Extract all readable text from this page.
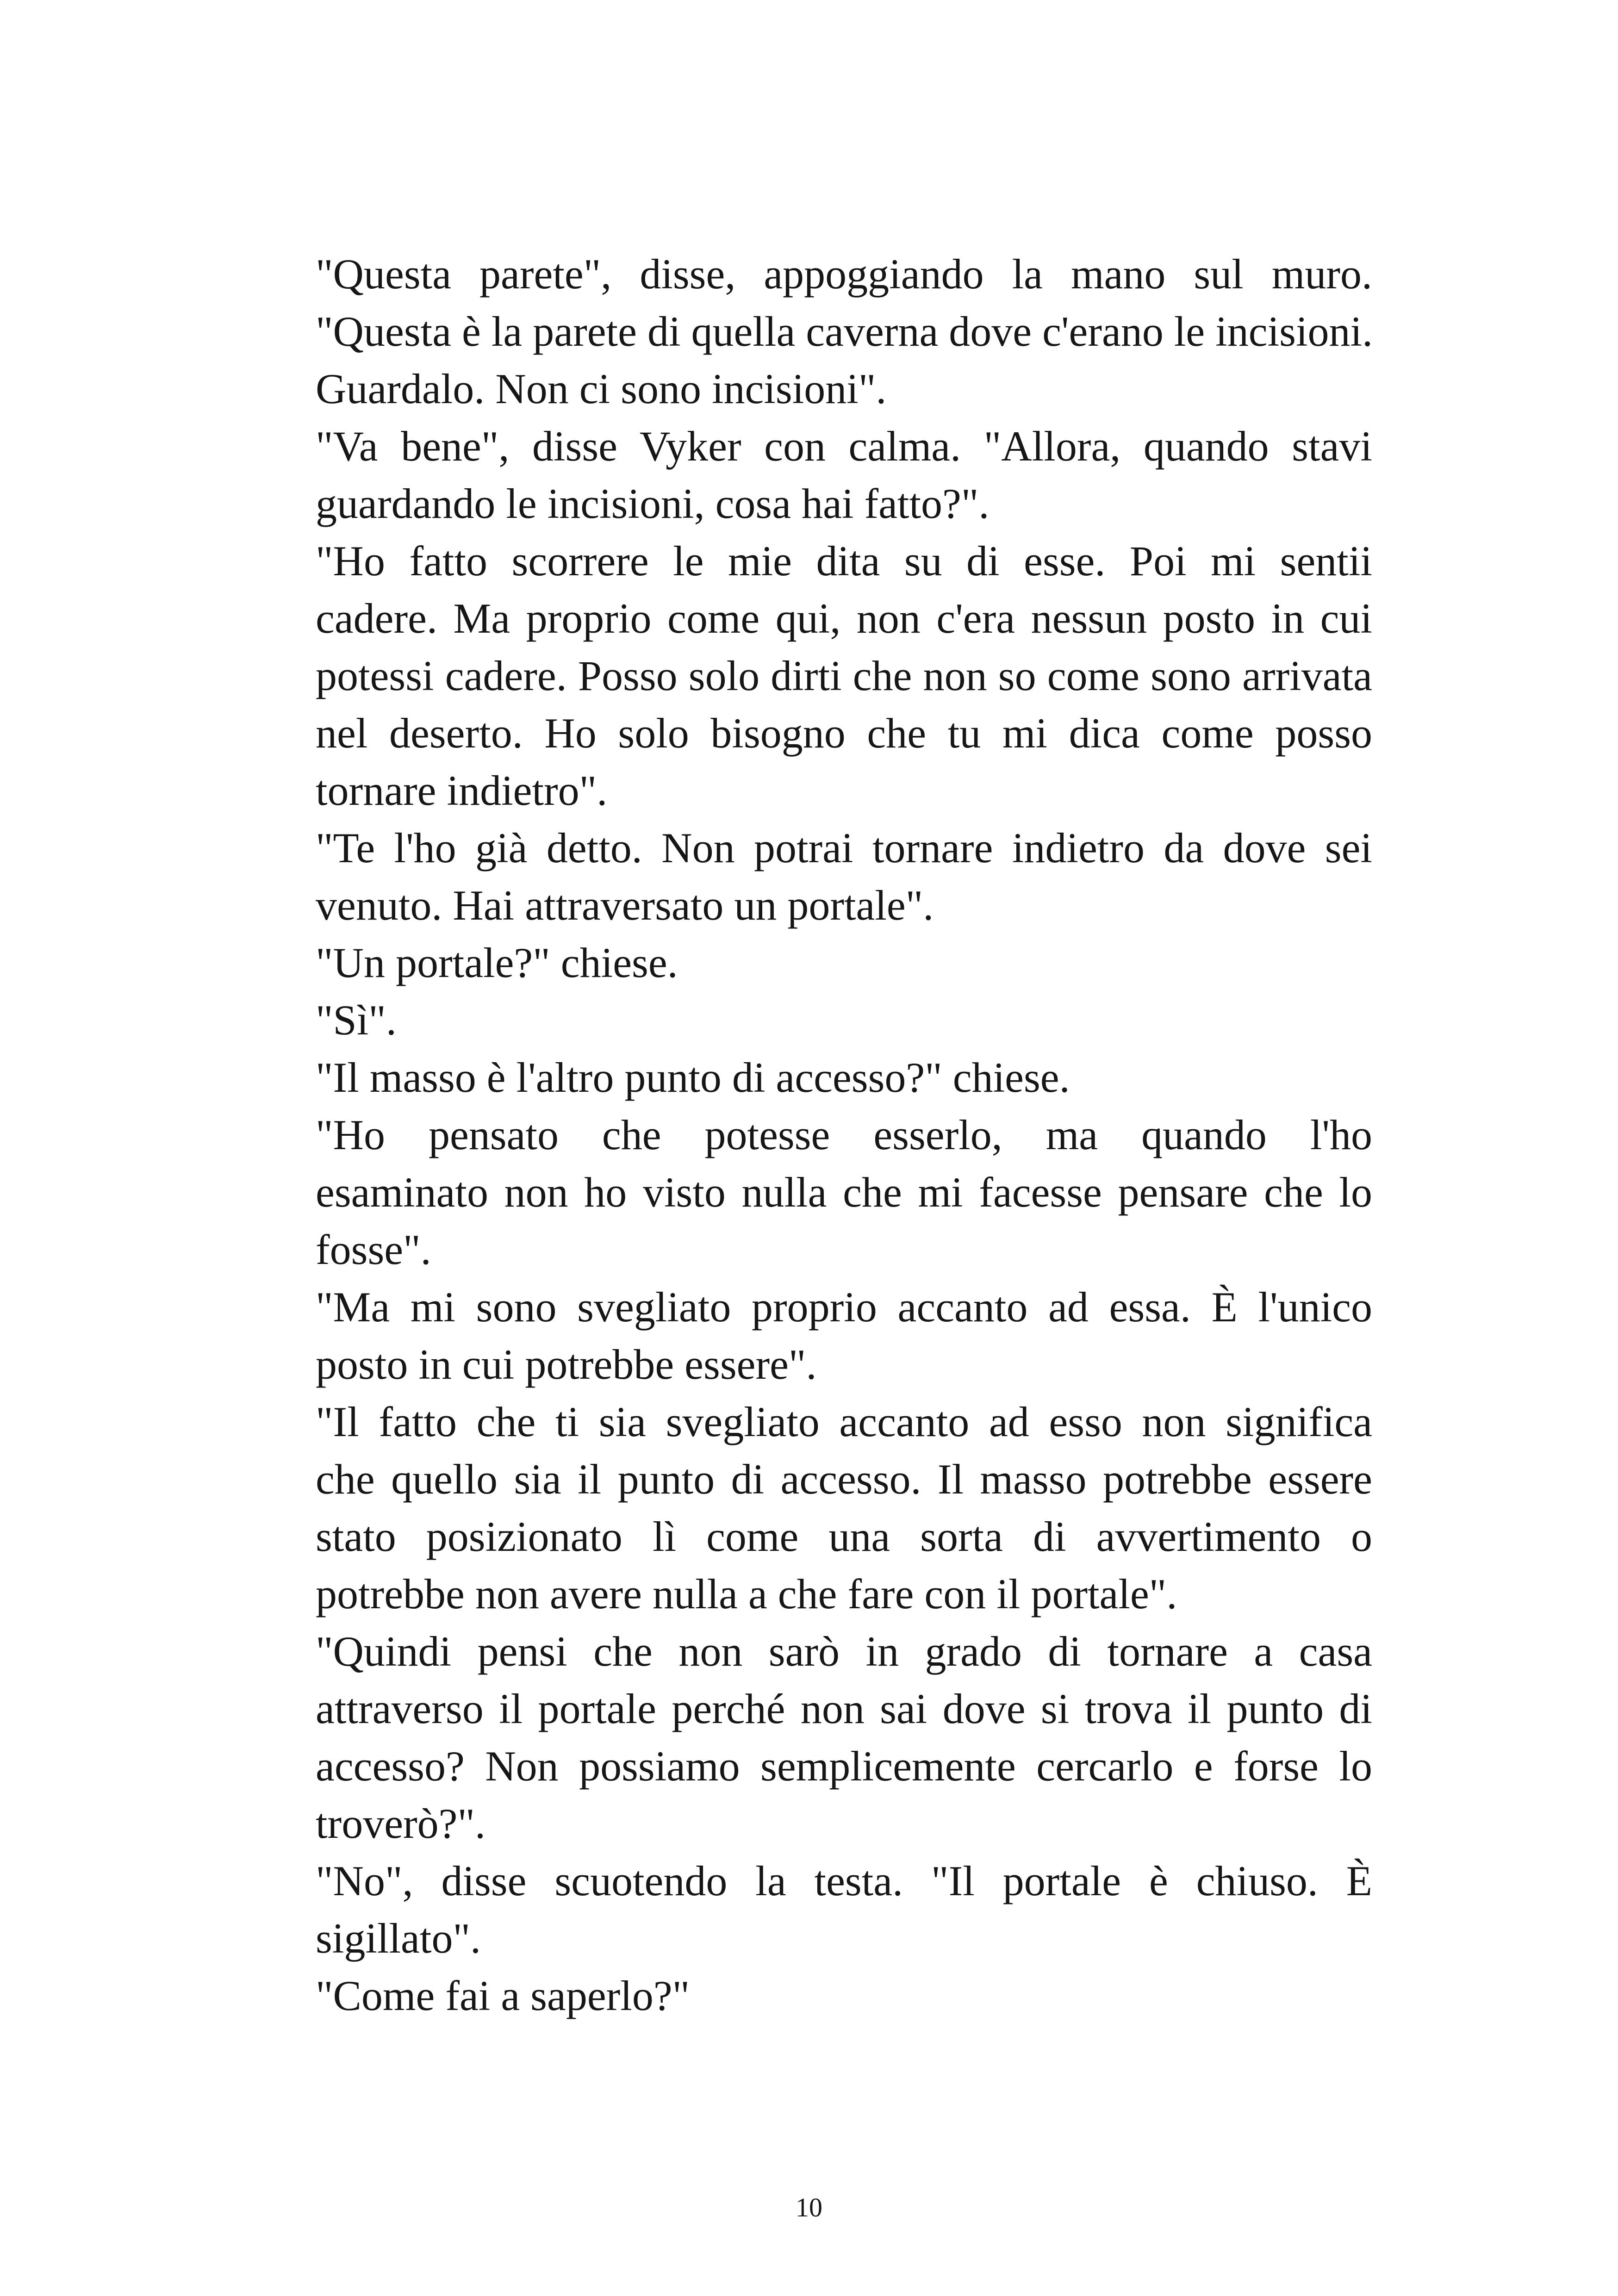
"Questa parete", disse, appoggiando la mano sul muro.
"Questa è la parete di quella caverna dove c'erano le incisioni.
Guardalo. Non ci sono incisioni".

"Va bene", disse Vyker con calma. "Allora, quando stavi
guardando le incisioni, cosa hai fatto?".

"Ho fatto scorrere le mie dita su di esse. Poi mi sentii
cadere. Ma proprio come qui, non c'era nessun posto in cui
potessi cadere. Posso solo dirti che non so come sono arrivata
nel deserto. Ho solo bisogno che tu mi dica come posso
tornare indietro".

"Te l'ho già detto. Non potrai tornare indietro da dove sei
venuto. Hai attraversato un portale".

"Un portale?" chiese.

"Sì".

"Il masso è l'altro punto di accesso?" chiese.

"Ho pensato che potesse esserlo, ma quando l'ho
esaminato non ho visto nulla che mi facesse pensare che lo
fosse".

"Ma mi sono svegliato proprio accanto ad essa. È l'unico
posto in cui potrebbe essere".

"Il fatto che ti sia svegliato accanto ad esso non significa
che quello sia il punto di accesso. Il masso potrebbe essere
stato posizionato lì come una sorta di avvertimento o
potrebbe non avere nulla a che fare con il portale".

"Quindi pensi che non sarò in grado di tornare a casa
attraverso il portale perché non sai dove si trova il punto di
accesso? Non possiamo semplicemente cercarlo e forse lo
troverò?".

"No", disse scuotendo la testa. "Il portale è chiuso. È
sigillato".

"Come fai a saperlo?"

10
